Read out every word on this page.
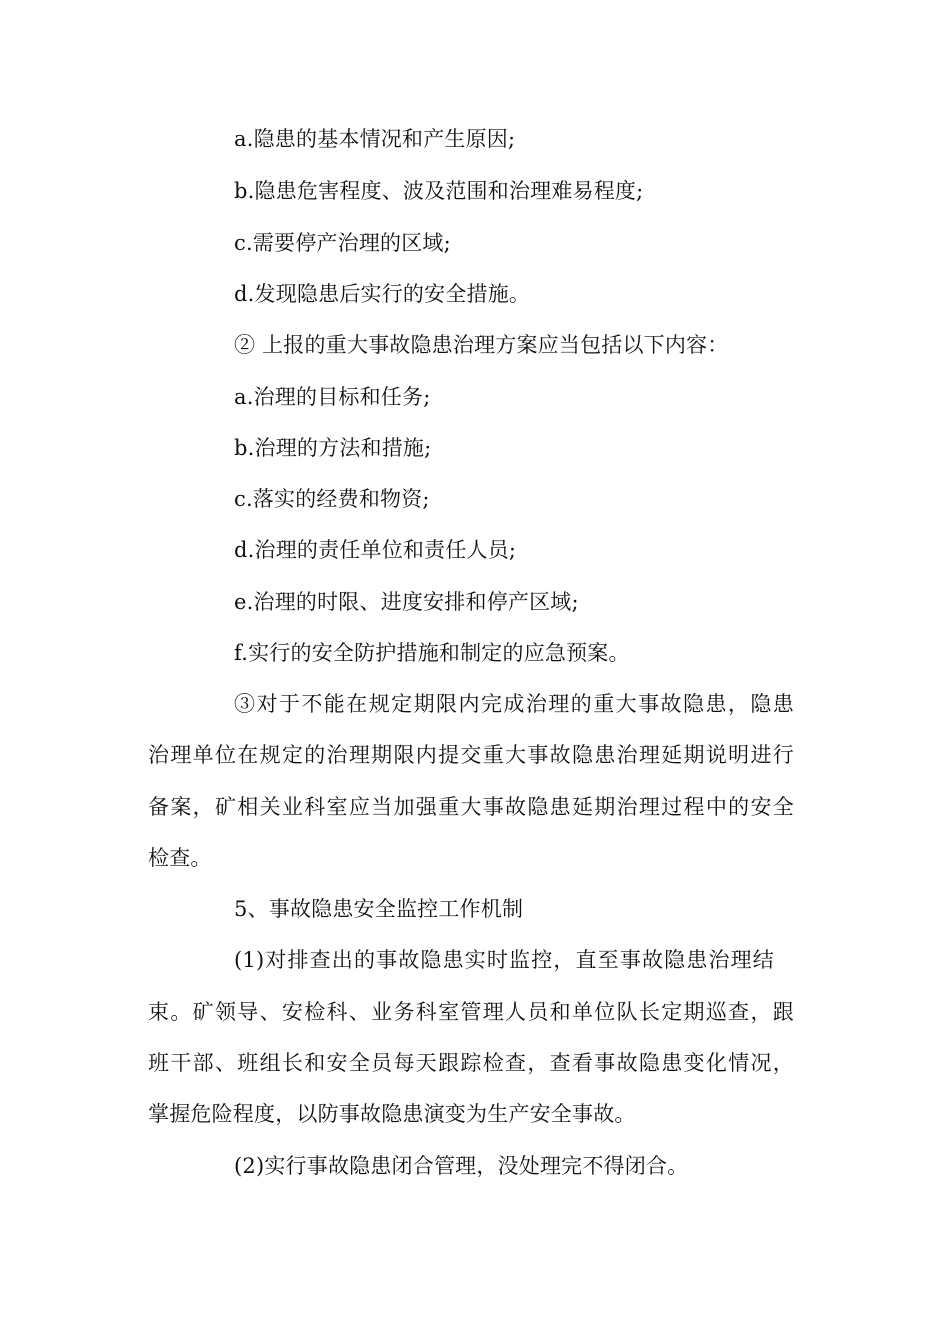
a.隐患的基本情况和产生原因;
b.隐患危害程度、波及范围和治理难易程度;
c.需要停产治理的区域;
d.发现隐患后实行的安全措施。
② 上报的重大事故隐患治理方案应当包括以下内容：
a.治理的目标和任务;
b.治理的方法和措施;
c.落实的经费和物资;
d.治理的责任单位和责任人员;
e.治理的时限、进度安排和停产区域;
f.实行的安全防护措施和制定的应急预案。
③对于不能在规定期限内完成治理的重大事故隐患，隐患
治理单位在规定的治理期限内提交重大事故隐患治理延期说明进行
备案，矿相关业科室应当加强重大事故隐患延期治理过程中的安全
检查。
5、事故隐患安全监控工作机制
(1)对排查出的事故隐患实时监控，直至事故隐患治理结
束。矿领导、安检科、业务科室管理人员和单位队长定期巡查，跟
班干部、班组长和安全员每天跟踪检查，查看事故隐患变化情况，
掌握危险程度，以防事故隐患演变为生产安全事故。
(2)实行事故隐患闭合管理，没处理完不得闭合。
